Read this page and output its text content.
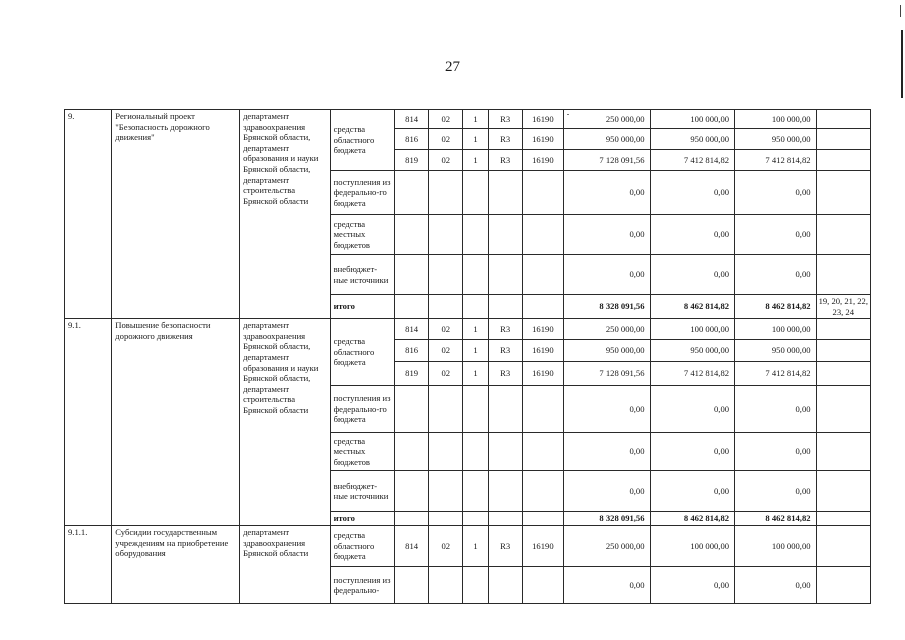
27
9.	Региональный проект "Безопасность дорожного движения"	департамент здравоохранения Брянской области, департамент образования и науки Брянской области, департамент строительства Брянской области	средства областного бюджета	814	02	1	R3	16190	250 000,00	100 000,00	100 000,00	
				816	02	1	R3	16190	950 000,00	950 000,00	950 000,00	
				819	02	1	R3	16190	7 128 091,56	7 412 814,82	7 412 814,82	
			поступления из федерально-го бюджета						0,00	0,00	0,00	
			средства местных бюджетов						0,00	0,00	0,00	
			внебюджет-ные источники						0,00	0,00	0,00	
			итого						8 328 091,56	8 462 814,82	8 462 814,82	19, 20, 21, 22, 23, 24
9.1.	Повышение безопасности дорожного движения	департамент здравоохранения Брянской области, департамент образования и науки Брянской области, департамент строительства Брянской области	средства областного бюджета	814	02	1	R3	16190	250 000,00	100 000,00	100 000,00	
				816	02	1	R3	16190	950 000,00	950 000,00	950 000,00	
				819	02	1	R3	16190	7 128 091,56	7 412 814,82	7 412 814,82	
			поступления из федерально-го бюджета						0,00	0,00	0,00	
			средства местных бюджетов						0,00	0,00	0,00	
			внебюджет-ные источники						0,00	0,00	0,00	
			итого						8 328 091,56	8 462 814,82	8 462 814,82	
9.1.1.	Субсидии государственным учреждениям на приобретение оборудования	департамент здравоохранения Брянской области	средства областного бюджета	814	02	1	R3	16190	250 000,00	100 000,00	100 000,00	
			поступления из федерально-						0,00	0,00	0,00	
